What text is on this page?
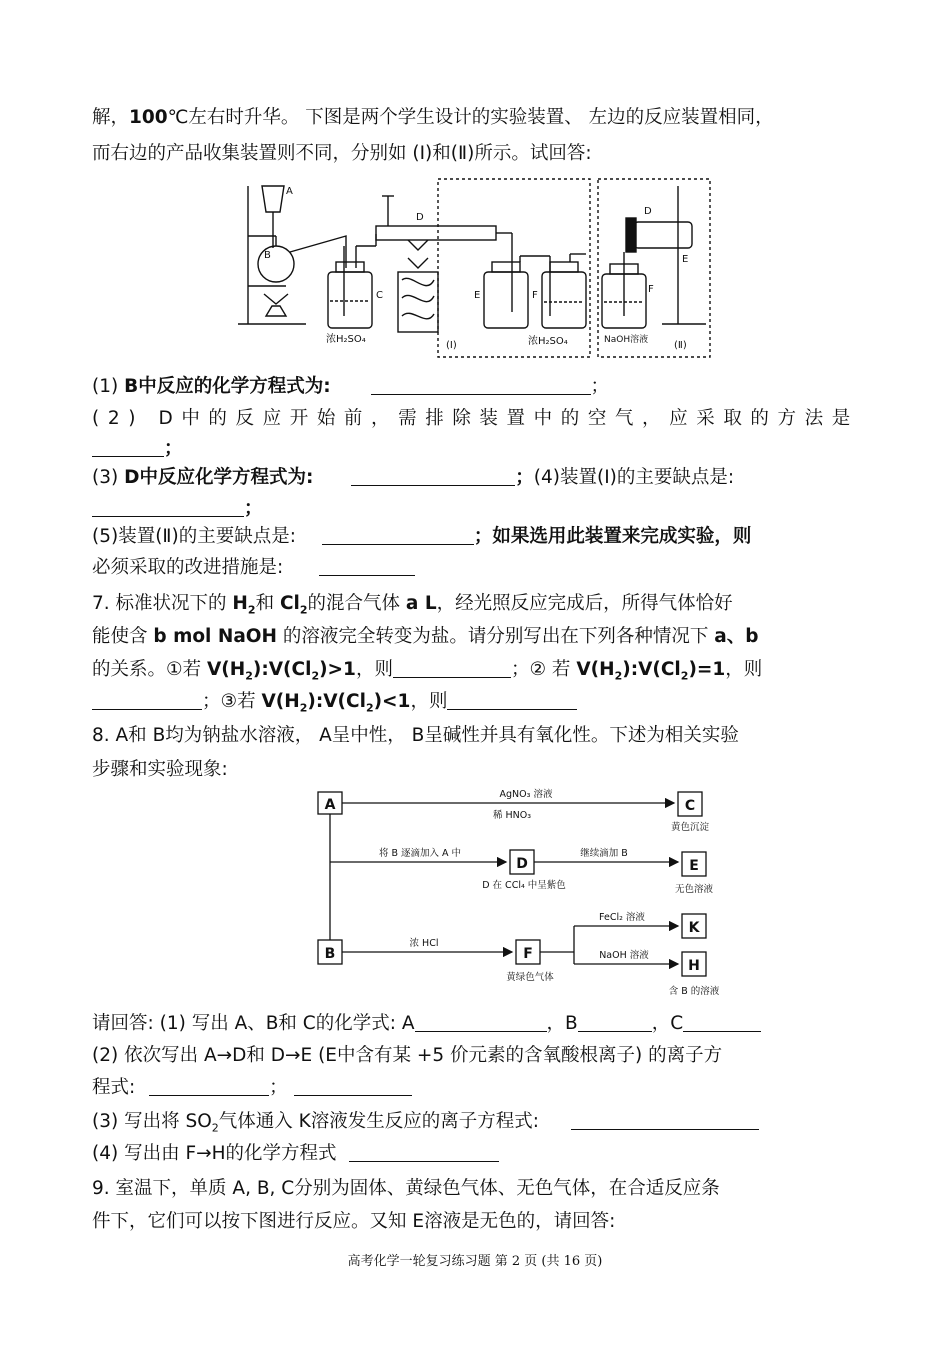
解，100℃左右时升华。 下图是两个学生设计的实验装置、 左边的反应装置相同，
而右边的产品收集装置则不同，分别如 (Ⅰ)和(Ⅱ)所示。试回答:
A
B
C
D
E	F
D
E
F
浓H₂SO₄	浓H₂SO₄	NaOH溶液
(Ⅰ)	(Ⅱ)
(1) B中反应的化学方程式为:	；
(2) D中的反应开始前，需排除装置中的空气，应采取的方法是
；
(3) D中反应化学方程式为:	；(4)装置(Ⅰ)的主要缺点是:
；
(5)装置(Ⅱ)的主要缺点是:	；如果选用此装置来完成实验，则
必须采取的改进措施是:
7. 标准状况下的 $H_2$和 $Cl_2$的混合气体 a L，经光照反应完成后，所得气体恰好
能使含 b mol NaOH 的溶液完全转变为盐。请分别写出在下列各种情况下 a、b
的关系。①若 $V(H_2):V(Cl_2)>1$，则	；② 若 $V(H_2):V(Cl_2)=1$，则
；③若 $V(H_2):V(Cl_2)<1$，则
8. A和 B均为钠盐水溶液， A呈中性， B呈碱性并具有氧化性。下述为相关实验
步骤和实验现象:
A	C
D	E
B	F
K
H
AgNO₃ 溶液
稀 HNO₃
将 B 逐滴加入 A 中	继续滴加 B
浓 HCl
FeCl₂ 溶液
NaOH 溶液
黄色沉淀
D 在 CCl₄ 中呈紫色	无色溶液
黄绿色气体
含 B 的溶液
请回答: (1) 写出 A、B和 C的化学式: A	，B	，C
(2) 依次写出 A→D和 D→E (E中含有某 +5 价元素的含氧酸根离子) 的离子方
程式:	；
(3) 写出将 $SO_2$气体通入 K溶液发生反应的离子方程式:
(4) 写出由 F→H的化学方程式
9. 室温下，单质 A, B, C分别为固体、黄绿色气体、无色气体，在合适反应条
件下，它们可以按下图进行反应。又知 E溶液是无色的，请回答:
高考化学一轮复习练习题 第 2 页 (共 16 页)
